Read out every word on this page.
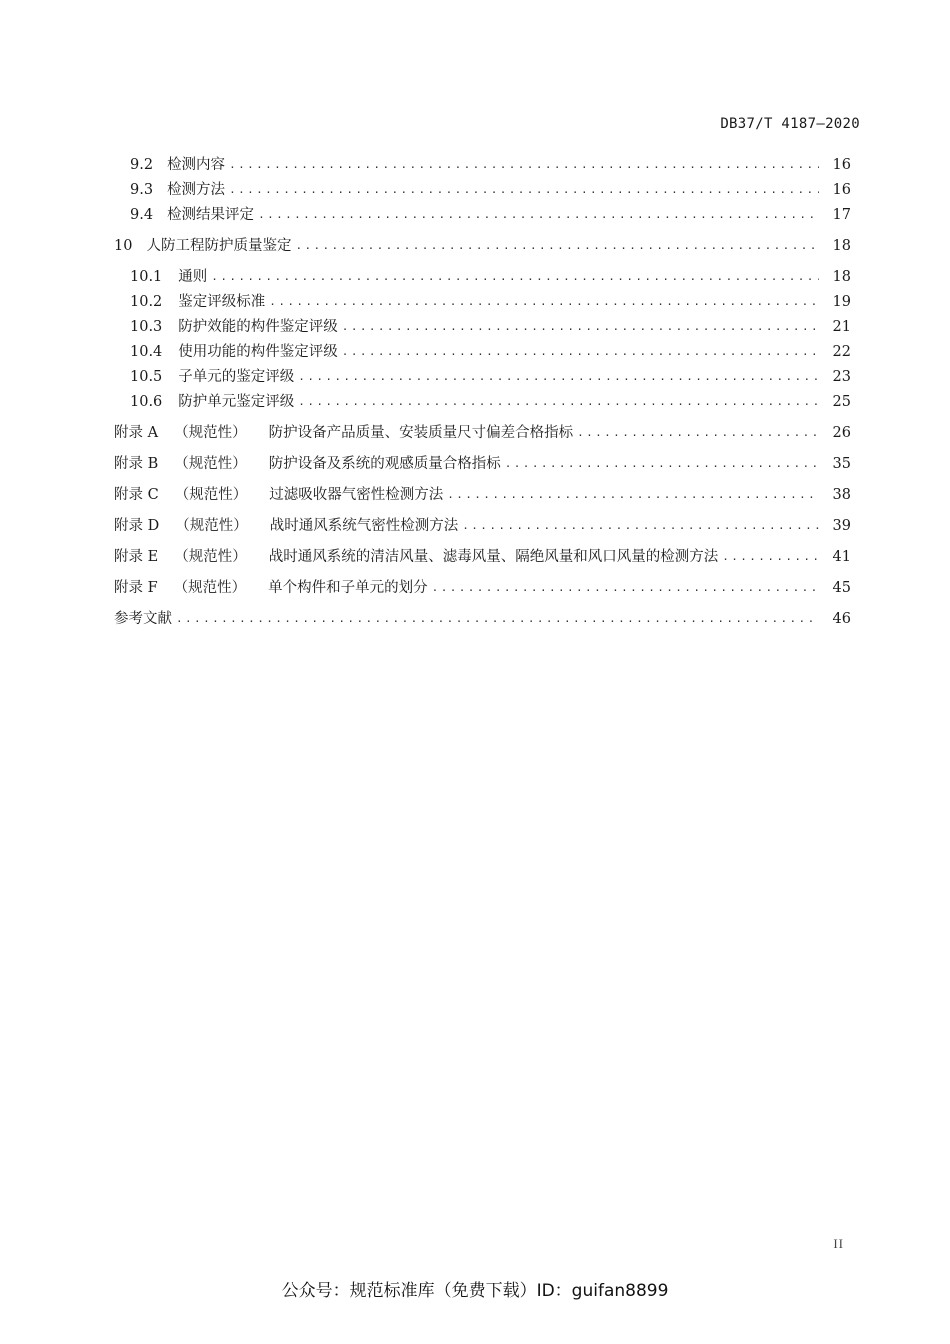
DB37/T 4187—2020
9.2 检测内容 .....	16
9.3 检测方法 .....	16
9.4 检测结果评定 .....	17
10 人防工程防护质量鉴定 .....	18
10.1 通则 .....	18
10.2 鉴定评级标准 .....	19
10.3 防护效能的构件鉴定评级 .....	21
10.4 使用功能的构件鉴定评级 .....	22
10.5 子单元的鉴定评级 .....	23
10.6 防护单元鉴定评级 .....	25
附录 A （规范性） 防护设备产品质量、安装质量尺寸偏差合格指标 .....	26
附录 B （规范性） 防护设备及系统的观感质量合格指标 .....	35
附录 C （规范性） 过滤吸收器气密性检测方法 .....	38
附录 D （规范性） 战时通风系统气密性检测方法 .....	39
附录 E （规范性） 战时通风系统的清洁风量、滤毒风量、隔绝风量和风口风量的检测方法 .....	41
附录 F （规范性） 单个构件和子单元的划分 .....	45
参考文献 .....	46
II
公众号：规范标准库（免费下载）ID：guifan8899
